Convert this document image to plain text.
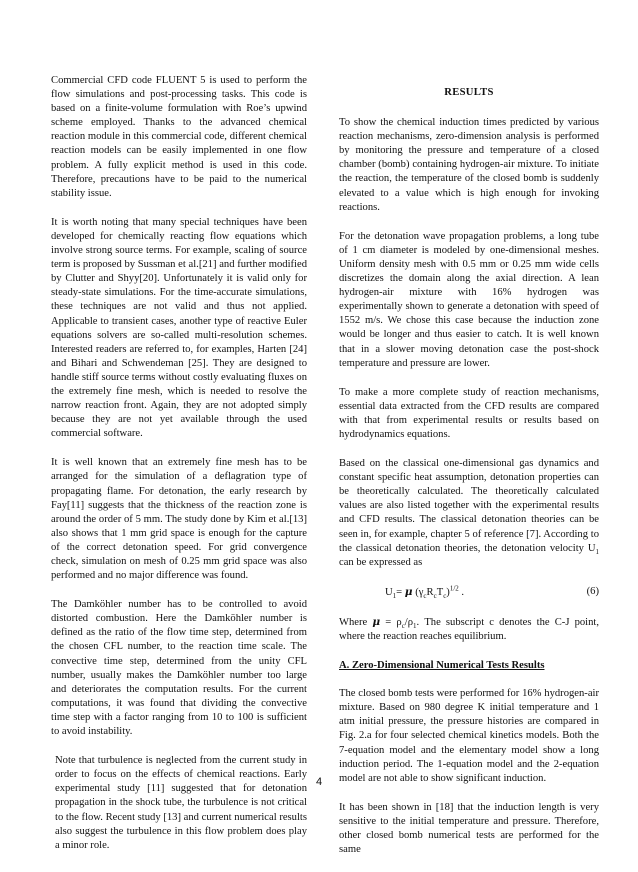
Commercial CFD code FLUENT 5 is used to perform the flow simulations and post-processing tasks. This code is based on a finite-volume formulation with Roe’s upwind scheme employed. Thanks to the advanced chemical reaction module in this commercial code, different chemical reaction models can be easily implemented in one flow problem. A fully explicit method is used in this code. Therefore, precautions have to be paid to the numerical stability issue.

It is worth noting that many special techniques have been developed for chemically reacting flow equations which involve strong source terms. For example, scaling of source term is proposed by Sussman et al.[21] and further modified by Clutter and Shyy[20]. Unfortunately it is valid only for steady-state simulations. For the time-accurate simulations, these techniques are not valid and thus not applied. Applicable to transient cases, another type of reactive Euler equations solvers are so-called multi-resolution schemes. Interested readers are referred to, for examples, Harten [24] and Bihari and Schwendeman [25]. They are designed to handle stiff source terms without costly evaluating fluxes on the extremely fine mesh, which is needed to resolve the narrow reaction front. Again, they are not adopted simply because they are not yet available through the used commercial software.

It is well known that an extremely fine mesh has to be arranged for the simulation of a deflagration type of propagating flame. For detonation, the early research by Fay[11] suggests that the thickness of the reaction zone is around the order of 5 mm. The study done by Kim et al.[13] also shows that 1 mm grid space is enough for the capture of the correct detonation speed. For grid convergence check, simulation on mesh of 0.25 mm grid space was also performed and no major difference was found.

The Damköhler number has to be controlled to avoid distorted combustion. Here the Damköhler number is defined as the ratio of the flow time step, determined from the chosen CFL number, to the reaction time scale. The convective time step, determined from the unity CFL number, usually makes the Damköhler number too large and deteriorates the computation results. For the current computations, it was found that dividing the convective time step with a factor ranging from 10 to 100 is sufficient to avoid instability.

Note that turbulence is neglected from the current study in order to focus on the effects of chemical reactions. Early experimental study [11] suggested that for detonation propagation in the shock tube, the turbulence is not critical to the flow. Recent study [13] and current numerical results also suggest the turbulence in this flow problem does play a minor role.

RESULTS

To show the chemical induction times predicted by various reaction mechanisms, zero-dimension analysis is performed by monitoring the pressure and temperature of a closed chamber (bomb) containing hydrogen-air mixture. To initiate the reaction, the temperature of the closed bomb is suddenly elevated to a value which is high enough for invoking reactions.

For the detonation wave propagation problems, a long tube of 1 cm diameter is modeled by one-dimensional meshes. Uniform density mesh with 0.5 mm or 0.25 mm wide cells discretizes the domain along the axial direction. A lean hydrogen-air mixture with 16% hydrogen was experimentally shown to generate a detonation with speed of 1552 m/s. We chose this case because the induction zone would be longer and thus easier to catch. It is well known that in a slower moving detonation case the post-shock temperature and pressure are lower.

To make a more complete study of reaction mechanisms, essential data extracted from the CFD results are compared with that from experimental results or results based on hydrodynamics equations.

Based on the classical one-dimensional gas dynamics and constant specific heat assumption, detonation properties can be theoretically calculated. The theoretically calculated values are also listed together with the experimental results and CFD results. The classical detonation theories can be seen in, for example, chapter 5 of reference [7]. According to the classical detonation theories, the detonation velocity $U_1$ can be expressed as

$U_1= \mu$ $(\gamma_cR_cT_c)^{1/2}$ .	(6)

Where $\mu = \rho_c/\rho_1$. The subscript c denotes the C-J point, where the reaction reaches equilibrium.

A. Zero-Dimensional Numerical Tests Results

The closed bomb tests were performed for 16% hydrogen-air mixture. Based on 980 degree K initial temperature and 1 atm initial pressure, the pressure histories are compared in Fig. 2.a for four selected chemical kinetics models. Both the 7-equation model and the elementary model show a long induction period. The 1-equation model and the 2-equation model are not able to show significant induction.

It has been shown in [18] that the induction length is very sensitive to the initial temperature and pressure. Therefore, other closed bomb numerical tests are performed for the same

4
